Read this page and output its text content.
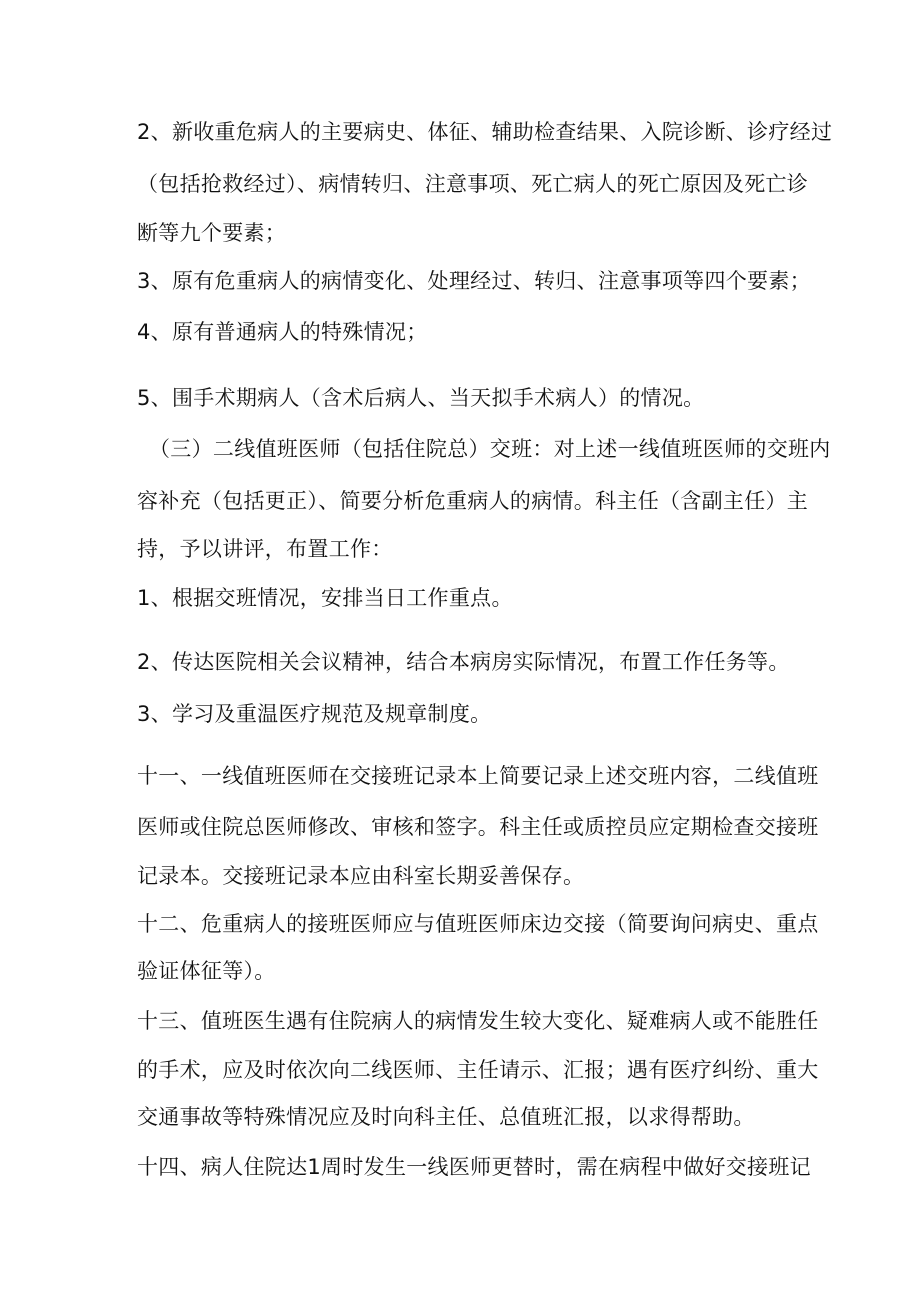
2、新收重危病人的主要病史、体征、辅助检查结果、入院诊断、诊疗经过
（包括抢救经过）、病情转归、注意事项、死亡病人的死亡原因及死亡诊
断等九个要素；
3、原有危重病人的病情变化、处理经过、转归、注意事项等四个要素；
4、原有普通病人的特殊情况；
5、围手术期病人（含术后病人、当天拟手术病人）的情况。
（三）二线值班医师（包括住院总）交班：对上述一线值班医师的交班内
容补充（包括更正）、简要分析危重病人的病情。科主任（含副主任）主
持，予以讲评，布置工作：
1、根据交班情况，安排当日工作重点。
2、传达医院相关会议精神，结合本病房实际情况，布置工作任务等。
3、学习及重温医疗规范及规章制度。
十一、一线值班医师在交接班记录本上简要记录上述交班内容，二线值班
医师或住院总医师修改、审核和签字。科主任或质控员应定期检查交接班
记录本。交接班记录本应由科室长期妥善保存。
十二、危重病人的接班医师应与值班医师床边交接（简要询问病史、重点
验证体征等）。
十三、值班医生遇有住院病人的病情发生较大变化、疑难病人或不能胜任
的手术，应及时依次向二线医师、主任请示、汇报；遇有医疗纠纷、重大
交通事故等特殊情况应及时向科主任、总值班汇报，以求得帮助。
十四、病人住院达1周时发生一线医师更替时，需在病程中做好交接班记
